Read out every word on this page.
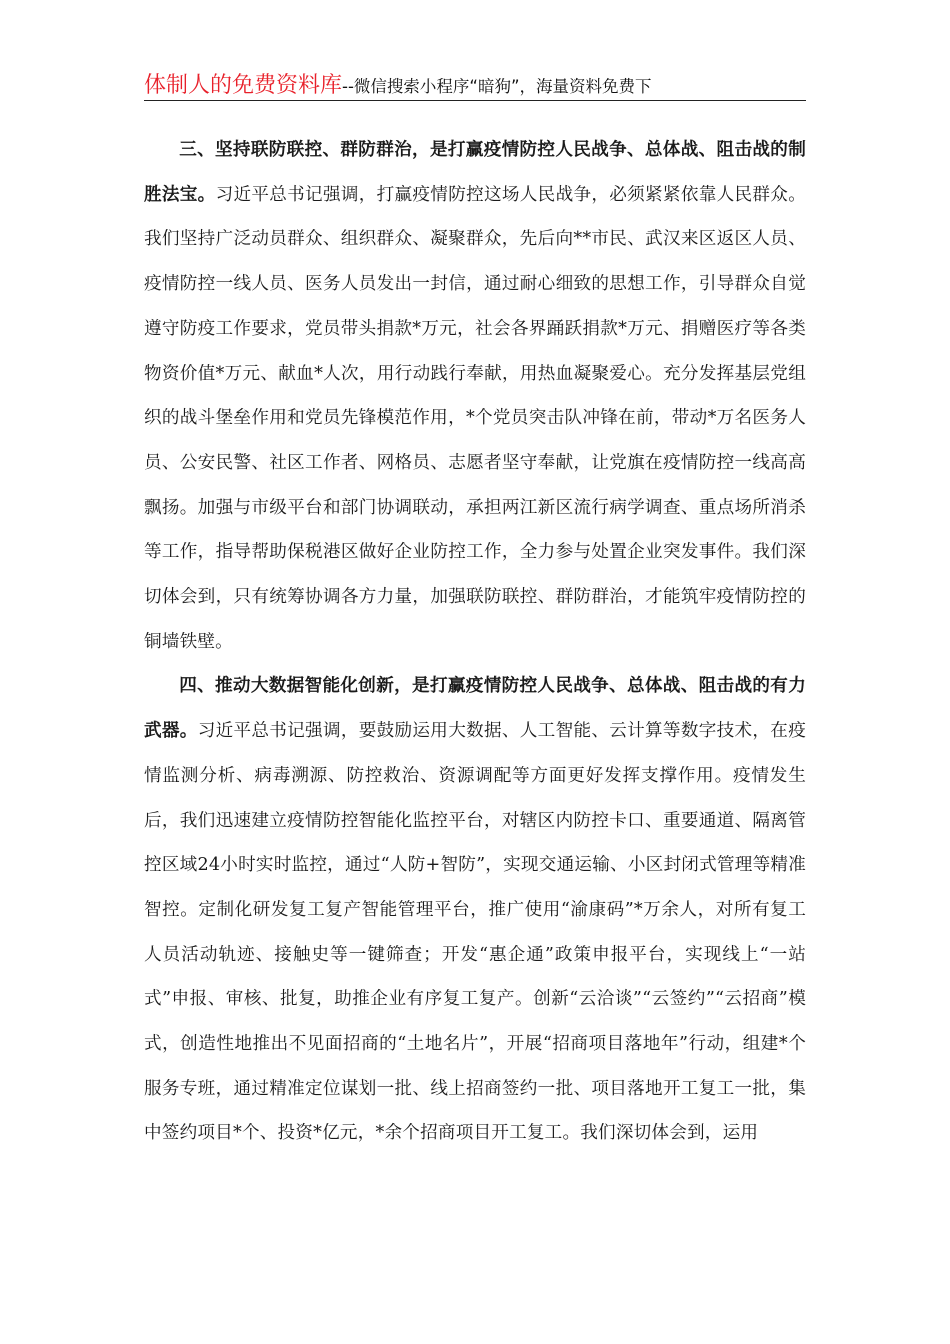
体制人的免费资料库--微信搜索小程序“暗狗”，海量资料免费下

三、坚持联防联控、群防群治，是打赢疫情防控人民战争、总体战、阻击战的制胜法宝。习近平总书记强调，打赢疫情防控这场人民战争，必须紧紧依靠人民群众。我们坚持广泛动员群众、组织群众、凝聚群众，先后向**市民、武汉来区返区人员、疫情防控一线人员、医务人员发出一封信，通过耐心细致的思想工作，引导群众自觉遵守防疫工作要求，党员带头捐款*万元，社会各界踊跃捐款*万元、捐赠医疗等各类物资价值*万元、献血*人次，用行动践行奉献，用热血凝聚爱心。充分发挥基层党组织的战斗堡垒作用和党员先锋模范作用，*个党员突击队冲锋在前，带动*万名医务人员、公安民警、社区工作者、网格员、志愿者坚守奉献，让党旗在疫情防控一线高高飘扬。加强与市级平台和部门协调联动，承担两江新区流行病学调查、重点场所消杀等工作，指导帮助保税港区做好企业防控工作，全力参与处置企业突发事件。我们深切体会到，只有统筹协调各方力量，加强联防联控、群防群治，才能筑牢疫情防控的铜墙铁壁。

四、推动大数据智能化创新，是打赢疫情防控人民战争、总体战、阻击战的有力武器。习近平总书记强调，要鼓励运用大数据、人工智能、云计算等数字技术，在疫情监测分析、病毒溯源、防控救治、资源调配等方面更好发挥支撑作用。疫情发生后，我们迅速建立疫情防控智能化监控平台，对辖区内防控卡口、重要通道、隔离管控区域24小时实时监控，通过“人防+智防”，实现交通运输、小区封闭式管理等精准智控。定制化研发复工复产智能管理平台，推广使用“渝康码”*万余人，对所有复工人员活动轨迹、接触史等一键筛查；开发“惠企通”政策申报平台，实现线上“一站式”申报、审核、批复，助推企业有序复工复产。创新“云洽谈”“云签约”“云招商”模式，创造性地推出不见面招商的“土地名片”，开展“招商项目落地年”行动，组建*个服务专班，通过精准定位谋划一批、线上招商签约一批、项目落地开工复工一批，集中签约项目*个、投资*亿元，*余个招商项目开工复工。我们深切体会到，运用
